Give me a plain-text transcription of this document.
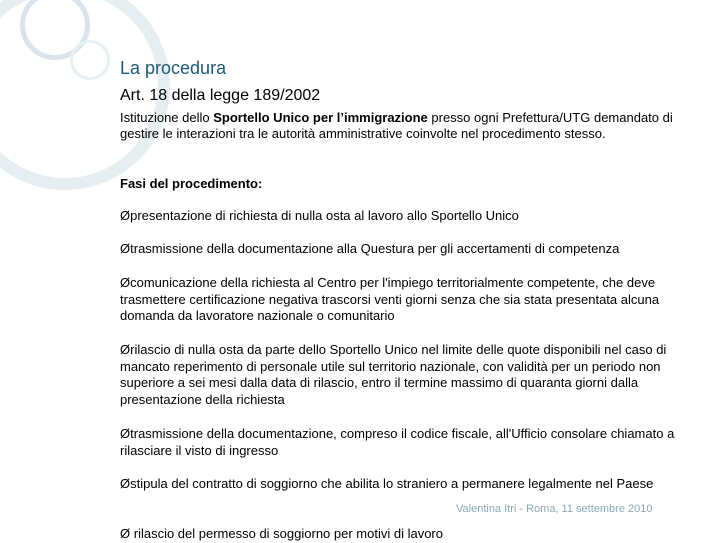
La procedura
Art. 18 della legge 189/2002
Istituzione dello Sportello Unico per l’immigrazione presso ogni Prefettura/UTG demandato di gestire le interazioni tra le autorità amministrative coinvolte nel procedimento stesso.
Fasi del procedimento:
Øpresentazione di richiesta di nulla osta al lavoro allo Sportello Unico
Øtrasmissione della documentazione alla Questura per gli accertamenti di competenza
Øcomunicazione della richiesta al Centro per l'impiego territorialmente competente, che deve trasmettere certificazione negativa trascorsi venti giorni senza che sia stata presentata alcuna domanda da lavoratore nazionale o comunitario
Ørilascio di nulla osta da parte dello Sportello Unico nel limite delle quote disponibili nel caso di mancato reperimento di personale utile sul territorio nazionale, con validità per un periodo non superiore a sei mesi dalla data di rilascio, entro il termine massimo di quaranta giorni dalla presentazione della richiesta
Øtrasmissione della documentazione, compreso il codice fiscale, all'Ufficio consolare chiamato a rilasciare il visto di ingresso
Østipula del contratto di soggiorno che abilita lo straniero a permanere legalmente nel Paese
Ø rilascio del permesso di soggiorno per motivi di lavoro
Valentina Itri - Roma, 11 settembre 2010
